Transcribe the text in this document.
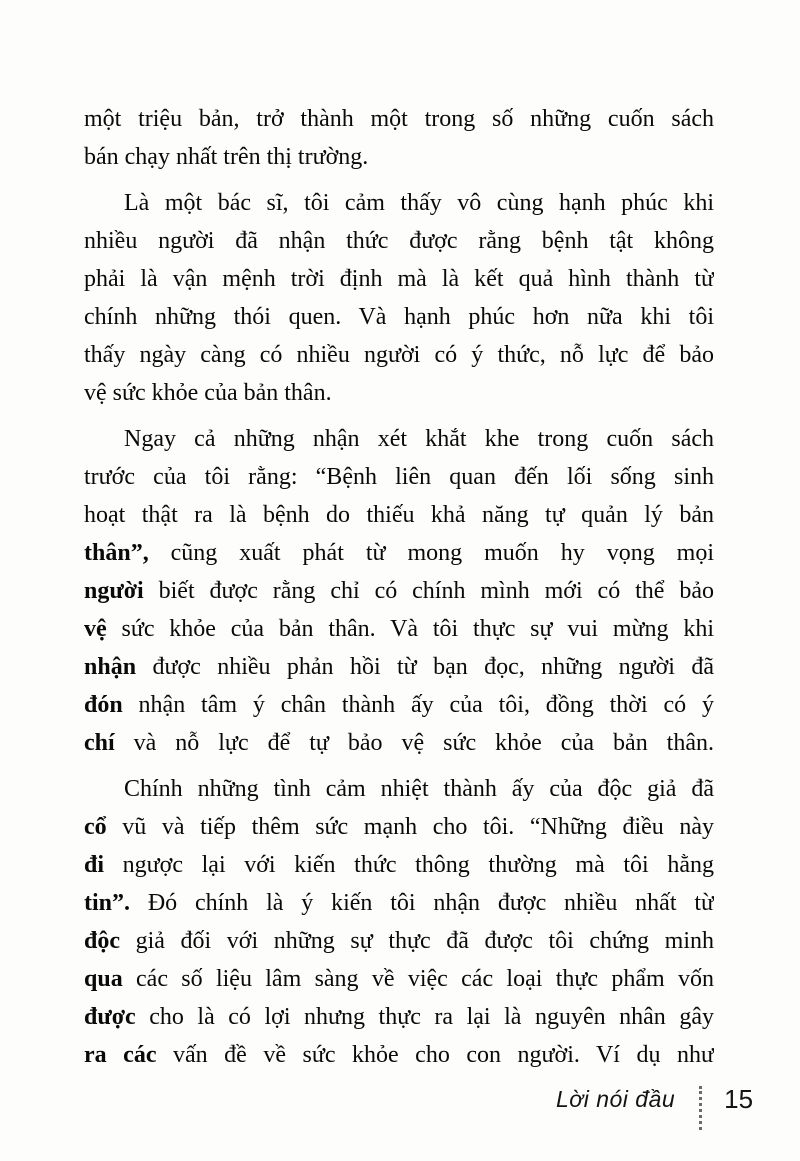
một triệu bản, trở thành một trong số những cuốn sách
bán chạy nhất trên thị trường.
Là một bác sĩ, tôi cảm thấy vô cùng hạnh phúc khi
nhiều người đã nhận thức được rằng bệnh tật không
phải là vận mệnh trời định mà là kết quả hình thành từ
chính những thói quen. Và hạnh phúc hơn nữa khi tôi
thấy ngày càng có nhiều người có ý thức, nỗ lực để bảo
vệ sức khỏe của bản thân.
Ngay cả những nhận xét khắt khe trong cuốn sách
trước của tôi rằng: “Bệnh liên quan đến lối sống sinh
hoạt thật ra là bệnh do thiếu khả năng tự quản lý bản
thân”, cũng xuất phát từ mong muốn hy vọng mọi
người biết được rằng chỉ có chính mình mới có thể bảo
vệ sức khỏe của bản thân. Và tôi thực sự vui mừng khi
nhận được nhiều phản hồi từ bạn đọc, những người đã
đón nhận tâm ý chân thành ấy của tôi, đồng thời có ý
chí và nỗ lực để tự bảo vệ sức khỏe của bản thân.
Chính những tình cảm nhiệt thành ấy của độc giả đã
cổ vũ và tiếp thêm sức mạnh cho tôi. “Những điều này
đi ngược lại với kiến thức thông thường mà tôi hằng
tin”. Đó chính là ý kiến tôi nhận được nhiều nhất từ
độc giả đối với những sự thực đã được tôi chứng minh
qua các số liệu lâm sàng về việc các loại thực phẩm vốn
được cho là có lợi nhưng thực ra lại là nguyên nhân gây
ra các vấn đề về sức khỏe cho con người. Ví dụ như
Lời nói đầu 15
